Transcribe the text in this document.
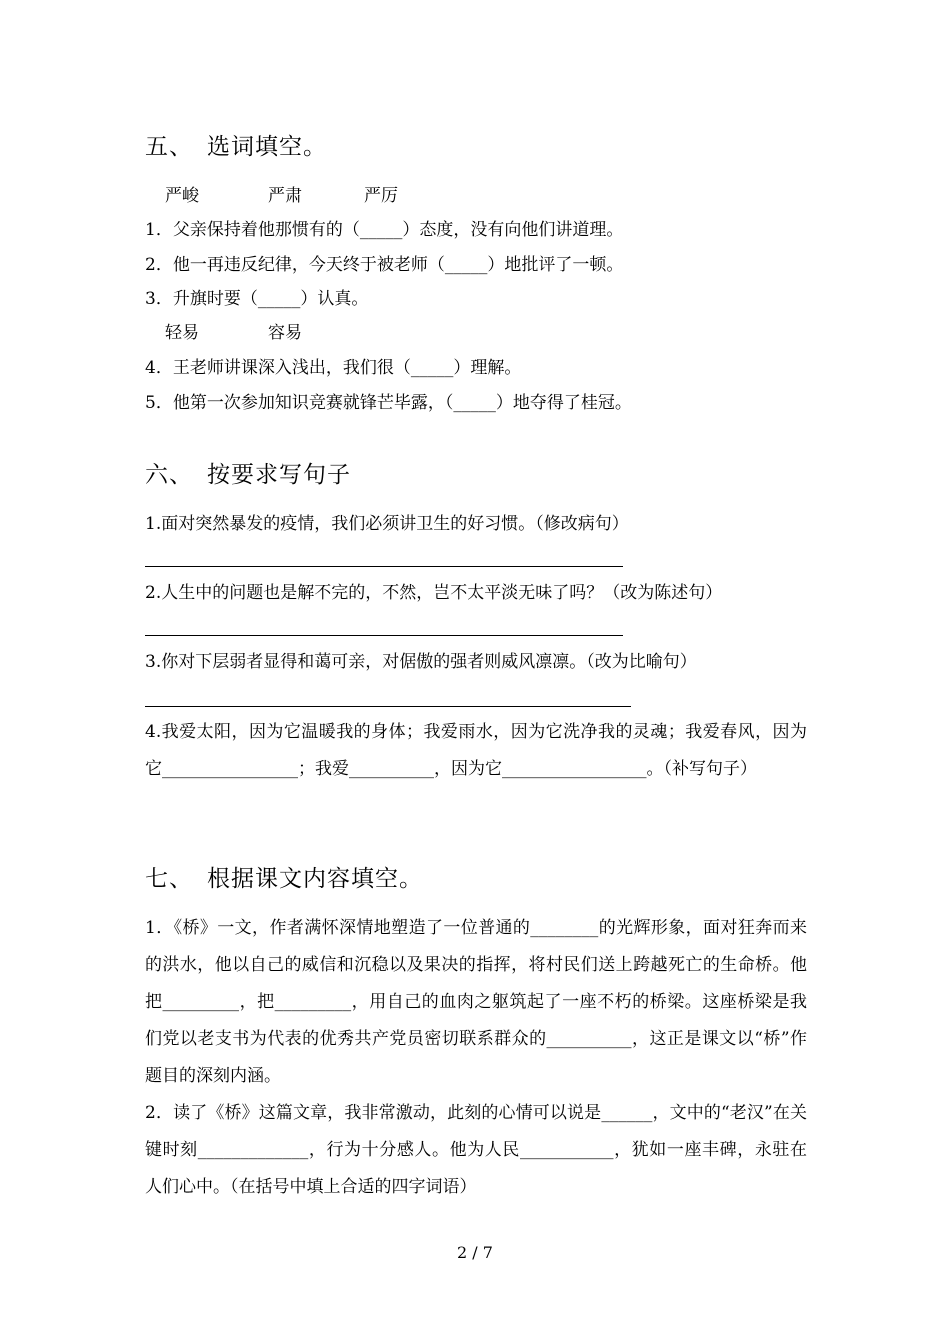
五、 选词填空。
严峻	严肃	严厉
1．父亲保持着他那惯有的（_____）态度，没有向他们讲道理。
2．他一再违反纪律，今天终于被老师（_____）地批评了一顿。
3．升旗时要（_____）认真。
轻易	容易
4．王老师讲课深入浅出，我们很（_____）理解。
5．他第一次参加知识竞赛就锋芒毕露，（_____）地夺得了桂冠。
六、 按要求写句子
1.面对突然暴发的疫情，我们必须讲卫生的好习惯。（修改病句）
2.人生中的问题也是解不完的，不然，岂不太平淡无味了吗？（改为陈述句）
3.你对下层弱者显得和蔼可亲，对倨傲的强者则威风凛凛。（改为比喻句）
4.我爱太阳，因为它温暖我的身体；我爱雨水，因为它洗净我的灵魂；我爱春风，因为它________________；我爱__________，因为它_________________。（补写句子）
七、 根据课文内容填空。
1．《桥》一文，作者满怀深情地塑造了一位普通的________的光辉形象，面对狂奔而来的洪水，他以自己的威信和沉稳以及果决的指挥，将村民们送上跨越死亡的生命桥。他把_________，把_________，用自己的血肉之躯筑起了一座不朽的桥梁。这座桥梁是我们党以老支书为代表的优秀共产党员密切联系群众的__________，这正是课文以“桥”作题目的深刻内涵。
2．读了《桥》这篇文章，我非常激动，此刻的心情可以说是______，文中的“老汉”在关键时刻_____________，行为十分感人。他为人民___________，犹如一座丰碑，永驻在人们心中。（在括号中填上合适的四字词语）
2 / 7
